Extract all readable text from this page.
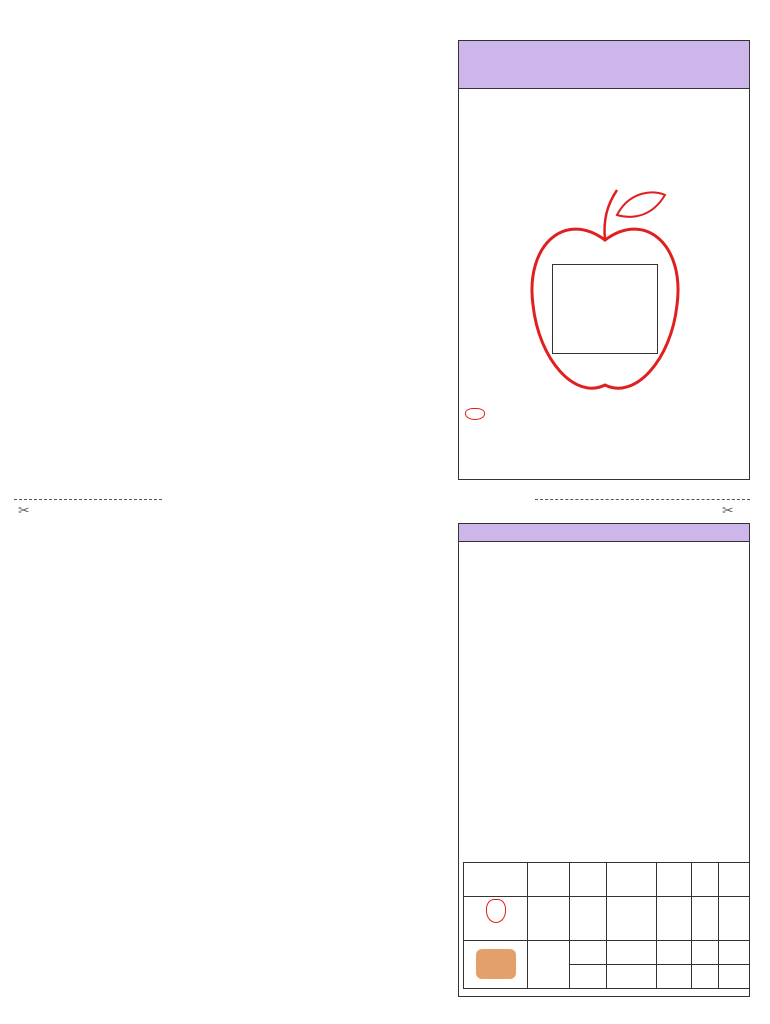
✂	✂
